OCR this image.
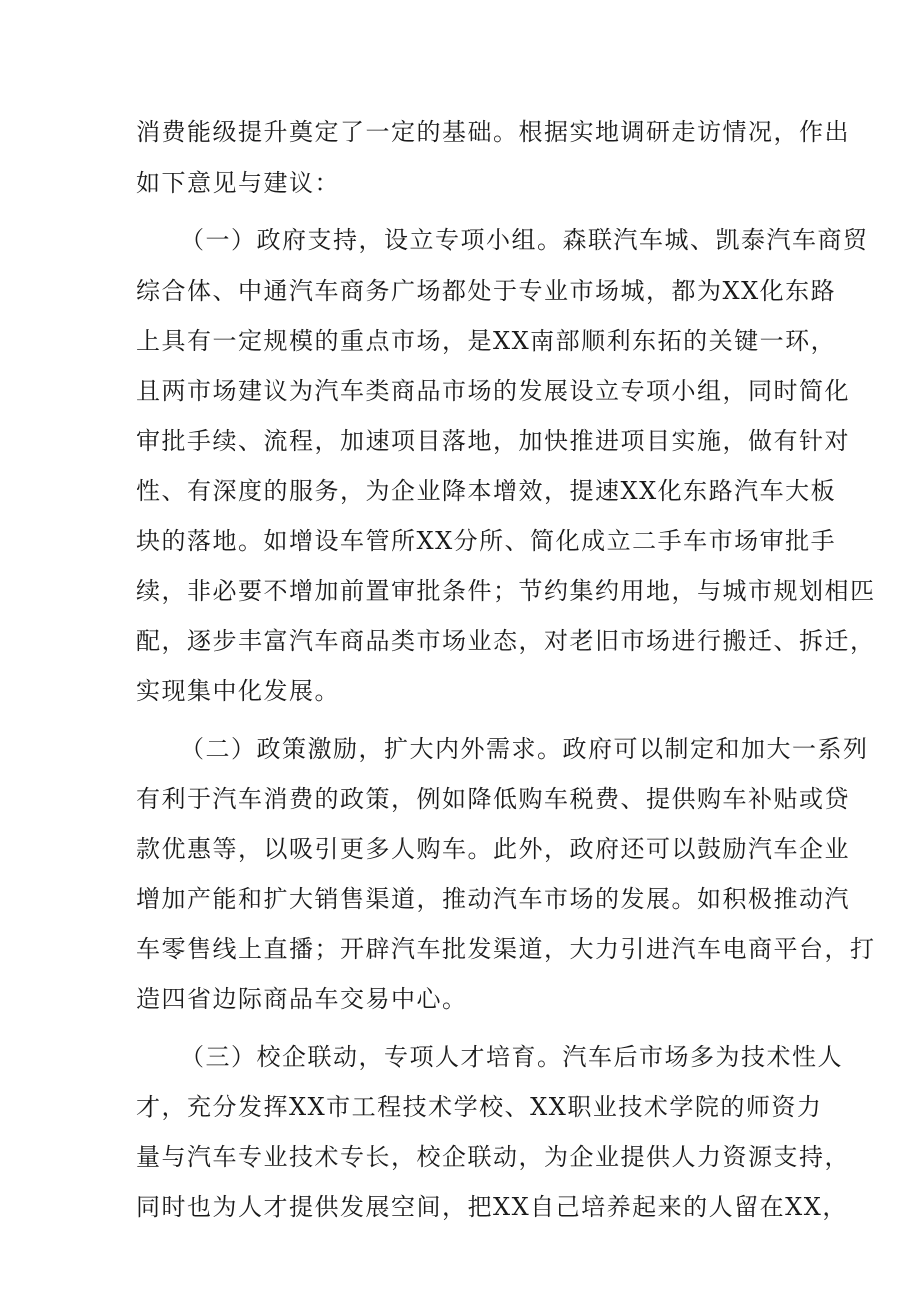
消费能级提升奠定了一定的基础。根据实地调研走访情况，作出
如下意见与建议：
（一）政府支持，设立专项小组。森联汽车城、凯泰汽车商贸
综合体、中通汽车商务广场都处于专业市场城，都为XX化东路
上具有一定规模的重点市场，是XX南部顺利东拓的关键一环，
且两市场建议为汽车类商品市场的发展设立专项小组，同时简化
审批手续、流程，加速项目落地，加快推进项目实施，做有针对
性、有深度的服务，为企业降本增效，提速XX化东路汽车大板
块的落地。如增设车管所XX分所、简化成立二手车市场审批手
续，非必要不增加前置审批条件；节约集约用地，与城市规划相匹
配，逐步丰富汽车商品类市场业态，对老旧市场进行搬迁、拆迁，
实现集中化发展。
（二）政策激励，扩大内外需求。政府可以制定和加大一系列
有利于汽车消费的政策，例如降低购车税费、提供购车补贴或贷
款优惠等，以吸引更多人购车。此外，政府还可以鼓励汽车企业
增加产能和扩大销售渠道，推动汽车市场的发展。如积极推动汽
车零售线上直播；开辟汽车批发渠道，大力引进汽车电商平台，打
造四省边际商品车交易中心。
（三）校企联动，专项人才培育。汽车后市场多为技术性人
才，充分发挥XX市工程技术学校、XX职业技术学院的师资力
量与汽车专业技术专长，校企联动，为企业提供人力资源支持，
同时也为人才提供发展空间，把XX自己培养起来的人留在XX，
